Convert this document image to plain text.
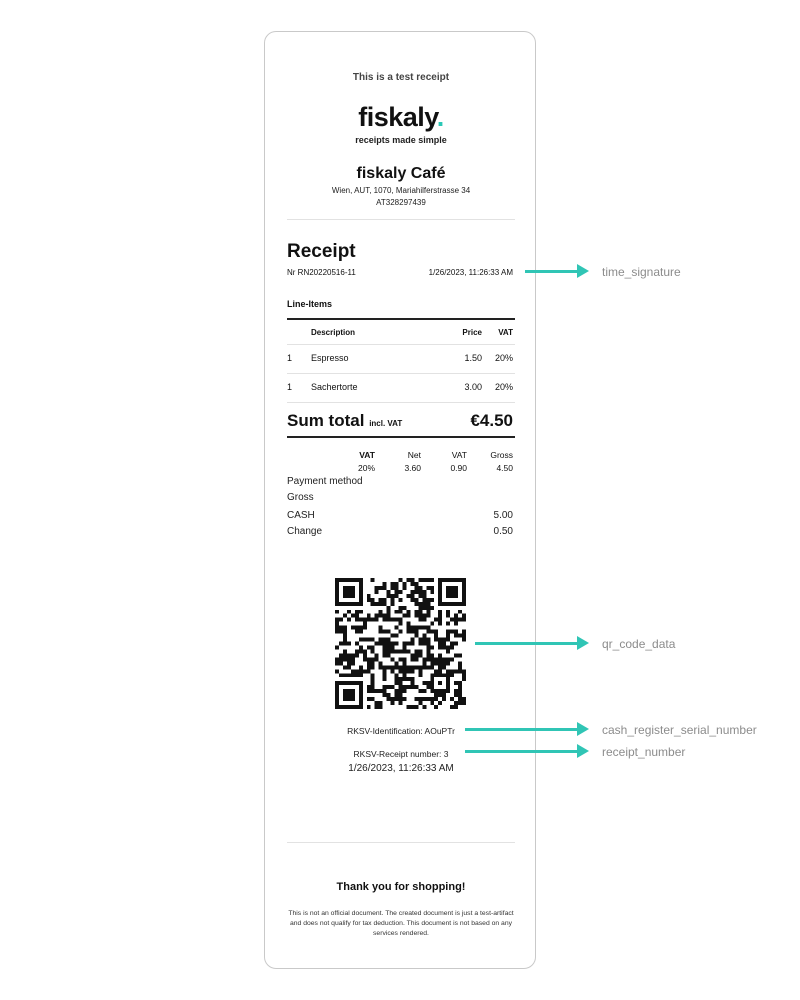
This is a test receipt
fiskaly.
receipts made simple
fiskaly Café
Wien, AUT, 1070, Mariahilferstrasse 34
AT328297439
Receipt
Nr RN20220516-11	1/26/2023, 11:26:33 AM
Line-Items
Description	Price VAT
1 Espresso	1.50 20%
1 Sachertorte	3.00 20%
Sum total incl. VAT	€4.50
VAT	Net	VAT	Gross
20%	3.60	0.90	4.50
Payment method
Gross
CASH	5.00
Change	0.50
RKSV-Identification: AOuPTr
RKSV-Receipt number: 3
1/26/2023, 11:26:33 AM
Thank you for shopping!
This is not an official document. The created document is just a test-artifact and does not qualify for tax deduction. This document is not based on any services rendered.
time_signature
qr_code_data
cash_register_serial_number
receipt_number
